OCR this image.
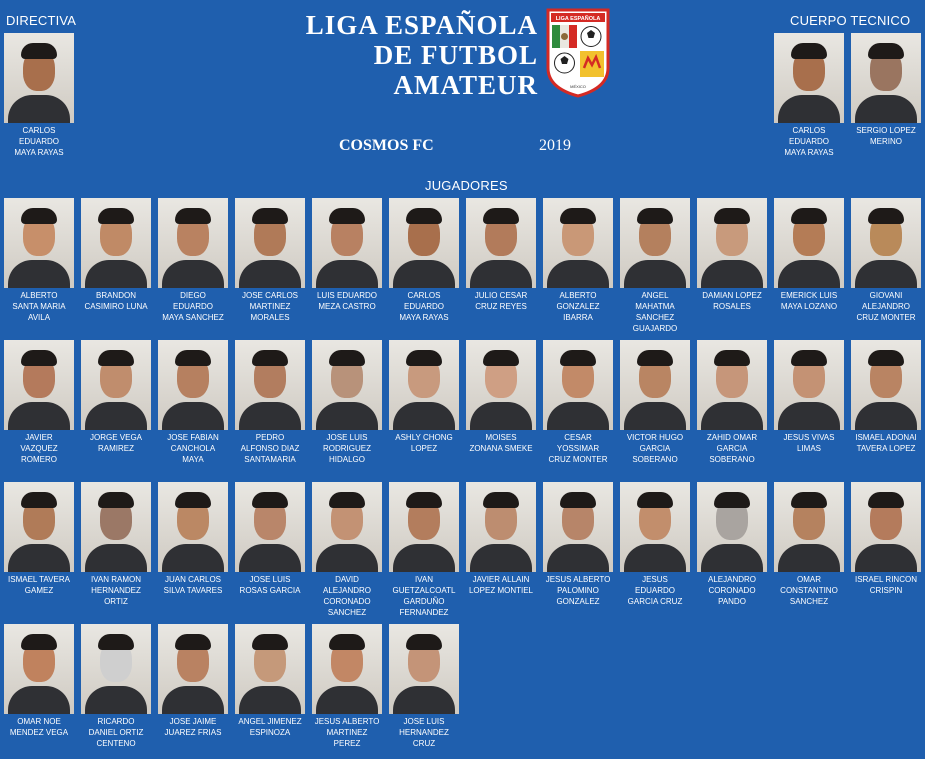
DIRECTIVA	CUERPO TECNICO
LIGA ESPAÑOLA
DE FUTBOL
AMATEUR
LIGA ESPAÑOLA
MÉXICO
COSMOS FC	2019
JUGADORES
CARLOS
EDUARDO
MAYA RAYAS
CARLOS
EDUARDO
MAYA RAYAS
SERGIO LOPEZ
MERINO
ALBERTO
SANTA MARIA
AVILA
BRANDON
CASIMIRO LUNA
DIEGO
EDUARDO
MAYA SANCHEZ
JOSE CARLOS
MARTINEZ
MORALES
LUIS EDUARDO
MEZA CASTRO
CARLOS
EDUARDO
MAYA RAYAS
JULIO CESAR
CRUZ REYES
ALBERTO
GONZALEZ
IBARRA
ANGEL
MAHATMA
SANCHEZ
GUAJARDO
DAMIAN LOPEZ
ROSALES
EMERICK LUIS
MAYA LOZANO
GIOVANI
ALEJANDRO
CRUZ MONTER
JAVIER
VAZQUEZ
ROMERO
JORGE VEGA
RAMIREZ
JOSE FABIAN
CANCHOLA
MAYA
PEDRO
ALFONSO DIAZ
SANTAMARIA
JOSE LUIS
RODRIGUEZ
HIDALGO
ASHLY CHONG
LOPEZ
MOISES
ZONANA SMEKE
CESAR
YOSSIMAR
CRUZ MONTER
VICTOR HUGO
GARCIA
SOBERANO
ZAHID OMAR
GARCIA
SOBERANO
JESUS VIVAS
LIMAS
ISMAEL ADONAI
TAVERA LOPEZ
ISMAEL TAVERA
GAMEZ
IVAN RAMON
HERNANDEZ
ORTIZ
JUAN CARLOS
SILVA TAVARES
JOSE LUIS
ROSAS GARCIA
DAVID
ALEJANDRO
CORONADO
SANCHEZ
IVAN
GUETZALCOATL
GARDUÑO
FERNANDEZ
JAVIER ALLAIN
LOPEZ MONTIEL
JESUS ALBERTO
PALOMINO
GONZALEZ
JESUS
EDUARDO
GARCIA CRUZ
ALEJANDRO
CORONADO
PANDO
OMAR
CONSTANTINO
SANCHEZ
ISRAEL RINCON
CRISPIN
OMAR NOE
MENDEZ VEGA
RICARDO
DANIEL ORTIZ
CENTENO
JOSE JAIME
JUAREZ FRIAS
ANGEL JIMENEZ
ESPINOZA
JESUS ALBERTO
MARTINEZ
PEREZ
JOSE LUIS
HERNANDEZ
CRUZ
